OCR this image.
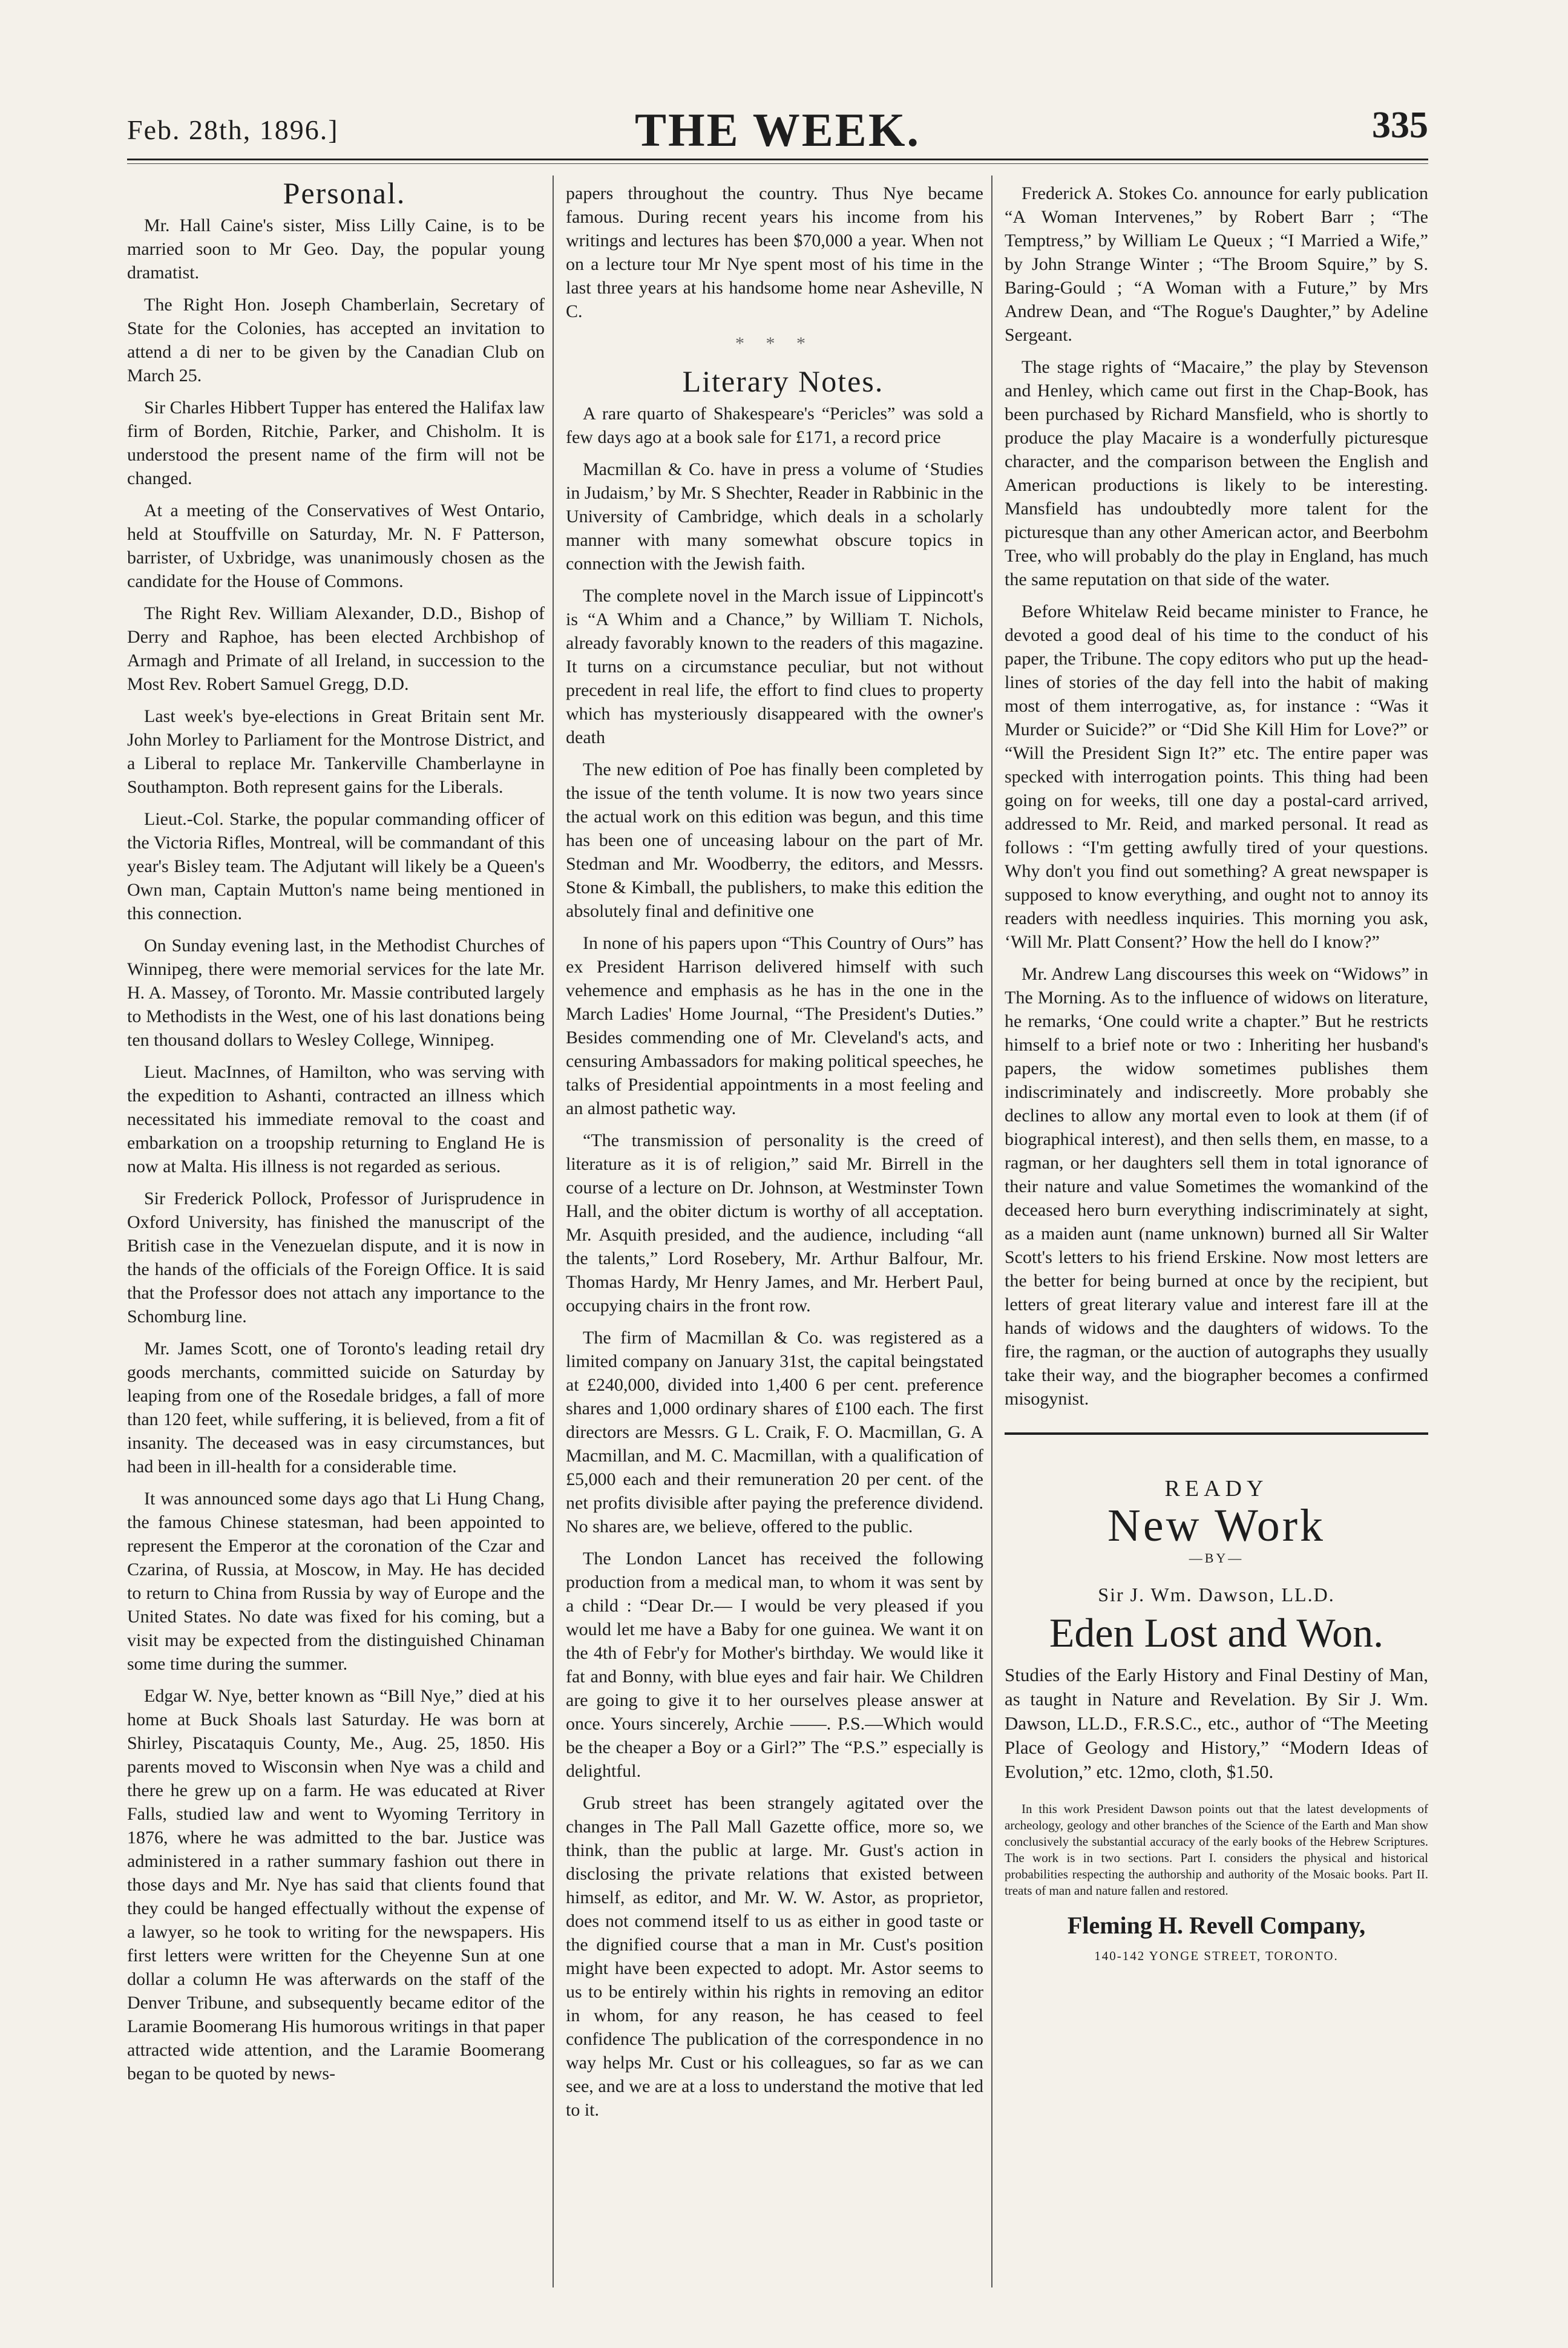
Feb. 28th, 1896.]	THE WEEK.	335

Personal.

Mr. Hall Caine's sister, Miss Lilly Caine, is to be married soon to Mr Geo. Day, the popular young dramatist.

The Right Hon. Joseph Chamberlain, Secretary of State for the Colonies, has accepted an invitation to attend a di ner to be given by the Canadian Club on March 25.

Sir Charles Hibbert Tupper has entered the Halifax law firm of Borden, Ritchie, Parker, and Chisholm. It is understood the present name of the firm will not be changed.

At a meeting of the Conservatives of West Ontario, held at Stouffville on Saturday, Mr. N. F Patterson, barrister, of Uxbridge, was unanimously chosen as the candidate for the House of Commons.

The Right Rev. William Alexander, D.D., Bishop of Derry and Raphoe, has been elected Archbishop of Armagh and Primate of all Ireland, in succession to the Most Rev. Robert Samuel Gregg, D.D.

Last week's bye-elections in Great Britain sent Mr. John Morley to Parliament for the Montrose District, and a Liberal to replace Mr. Tankerville Chamberlayne in Southampton. Both represent gains for the Liberals.

Lieut.-Col. Starke, the popular commanding officer of the Victoria Rifles, Montreal, will be commandant of this year's Bisley team. The Adjutant will likely be a Queen's Own man, Captain Mutton's name being mentioned in this connection.

On Sunday evening last, in the Methodist Churches of Winnipeg, there were memorial services for the late Mr. H. A. Massey, of Toronto. Mr. Massie contributed largely to Methodists in the West, one of his last donations being ten thousand dollars to Wesley College, Winnipeg.

Lieut. MacInnes, of Hamilton, who was serving with the expedition to Ashanti, contracted an illness which necessitated his immediate removal to the coast and embarkation on a troopship returning to England He is now at Malta. His illness is not regarded as serious.

Sir Frederick Pollock, Professor of Jurisprudence in Oxford University, has finished the manuscript of the British case in the Venezuelan dispute, and it is now in the hands of the officials of the Foreign Office. It is said that the Professor does not attach any importance to the Schomburg line.

Mr. James Scott, one of Toronto's leading retail dry goods merchants, committed suicide on Saturday by leaping from one of the Rosedale bridges, a fall of more than 120 feet, while suffering, it is believed, from a fit of insanity. The deceased was in easy circumstances, but had been in ill-health for a considerable time.

It was announced some days ago that Li Hung Chang, the famous Chinese statesman, had been appointed to represent the Emperor at the coronation of the Czar and Czarina, of Russia, at Moscow, in May. He has decided to return to China from Russia by way of Europe and the United States. No date was fixed for his coming, but a visit may be expected from the distinguished Chinaman some time during the summer.

Edgar W. Nye, better known as “Bill Nye,” died at his home at Buck Shoals last Saturday. He was born at Shirley, Piscataquis County, Me., Aug. 25, 1850. His parents moved to Wisconsin when Nye was a child and there he grew up on a farm. He was educated at River Falls, studied law and went to Wyoming Territory in 1876, where he was admitted to the bar. Justice was administered in a rather summary fashion out there in those days and Mr. Nye has said that clients found that they could be hanged effectually without the expense of a lawyer, so he took to writing for the newspapers. His first letters were written for the Cheyenne Sun at one dollar a column He was afterwards on the staff of the Denver Tribune, and subsequently became editor of the Laramie Boomerang His humorous writings in that paper attracted wide attention, and the Laramie Boomerang began to be quoted by news-

papers throughout the country. Thus Nye became famous. During recent years his income from his writings and lectures has been $70,000 a year. When not on a lecture tour Mr Nye spent most of his time in the last three years at his handsome home near Asheville, N C.

* * *

Literary Notes.

A rare quarto of Shakespeare's “Pericles” was sold a few days ago at a book sale for £171, a record price

Macmillan & Co. have in press a volume of ‘Studies in Judaism,’ by Mr. S Shechter, Reader in Rabbinic in the University of Cambridge, which deals in a scholarly manner with many somewhat obscure topics in connection with the Jewish faith.

The complete novel in the March issue of Lippincott's is “A Whim and a Chance,” by William T. Nichols, already favorably known to the readers of this magazine. It turns on a circumstance peculiar, but not without precedent in real life, the effort to find clues to property which has mysteriously disappeared with the owner's death

The new edition of Poe has finally been completed by the issue of the tenth volume. It is now two years since the actual work on this edition was begun, and this time has been one of unceasing labour on the part of Mr. Stedman and Mr. Woodberry, the editors, and Messrs. Stone & Kimball, the publishers, to make this edition the absolutely final and definitive one

In none of his papers upon “This Country of Ours” has ex President Harrison delivered himself with such vehemence and emphasis as he has in the one in the March Ladies' Home Journal, “The President's Duties.” Besides commending one of Mr. Cleveland's acts, and censuring Ambassadors for making political speeches, he talks of Presidential appointments in a most feeling and an almost pathetic way.

“The transmission of personality is the creed of literature as it is of religion,” said Mr. Birrell in the course of a lecture on Dr. Johnson, at Westminster Town Hall, and the obiter dictum is worthy of all acceptation. Mr. Asquith presided, and the audience, including “all the talents,” Lord Rosebery, Mr. Arthur Balfour, Mr. Thomas Hardy, Mr Henry James, and Mr. Herbert Paul, occupying chairs in the front row.

The firm of Macmillan & Co. was registered as a limited company on January 31st, the capital beingstated at £240,000, divided into 1,400 6 per cent. preference shares and 1,000 ordinary shares of £100 each. The first directors are Messrs. G L. Craik, F. O. Macmillan, G. A Macmillan, and M. C. Macmillan, with a qualification of £5,000 each and their remuneration 20 per cent. of the net profits divisible after paying the preference dividend. No shares are, we believe, offered to the public.

The London Lancet has received the following production from a medical man, to whom it was sent by a child : “Dear Dr.— I would be very pleased if you would let me have a Baby for one guinea. We want it on the 4th of Febr'y for Mother's birthday. We would like it fat and Bonny, with blue eyes and fair hair. We Children are going to give it to her ourselves please answer at once. Yours sincerely, Archie ——. P.S.—Which would be the cheaper a Boy or a Girl?” The “P.S.” especially is delightful.

Grub street has been strangely agitated over the changes in The Pall Mall Gazette office, more so, we think, than the public at large. Mr. Gust's action in disclosing the private relations that existed between himself, as editor, and Mr. W. W. Astor, as proprietor, does not commend itself to us as either in good taste or the dignified course that a man in Mr. Cust's position might have been expected to adopt. Mr. Astor seems to us to be entirely within his rights in removing an editor in whom, for any reason, he has ceased to feel confidence The publication of the correspondence in no way helps Mr. Cust or his colleagues, so far as we can see, and we are at a loss to understand the motive that led to it.

Frederick A. Stokes Co. announce for early publication “A Woman Intervenes,” by Robert Barr ; “The Temptress,” by William Le Queux ; “I Married a Wife,” by John Strange Winter ; “The Broom Squire,” by S. Baring-Gould ; “A Woman with a Future,” by Mrs Andrew Dean, and “The Rogue's Daughter,” by Adeline Sergeant.

The stage rights of “Macaire,” the play by Stevenson and Henley, which came out first in the Chap-Book, has been purchased by Richard Mansfield, who is shortly to produce the play Macaire is a wonderfully picturesque character, and the comparison between the English and American productions is likely to be interesting. Mansfield has undoubtedly more talent for the picturesque than any other American actor, and Beerbohm Tree, who will probably do the play in England, has much the same reputation on that side of the water.

Before Whitelaw Reid became minister to France, he devoted a good deal of his time to the conduct of his paper, the Tribune. The copy editors who put up the head-lines of stories of the day fell into the habit of making most of them interrogative, as, for instance : “Was it Murder or Suicide?” or “Did She Kill Him for Love?” or “Will the President Sign It?” etc. The entire paper was specked with interrogation points. This thing had been going on for weeks, till one day a postal-card arrived, addressed to Mr. Reid, and marked personal. It read as follows : “I'm getting awfully tired of your questions. Why don't you find out something? A great newspaper is supposed to know everything, and ought not to annoy its readers with needless inquiries. This morning you ask, ‘Will Mr. Platt Consent?’ How the hell do I know?”

Mr. Andrew Lang discourses this week on “Widows” in The Morning. As to the influence of widows on literature, he remarks, ‘One could write a chapter.” But he restricts himself to a brief note or two : Inheriting her husband's papers, the widow sometimes publishes them indiscriminately and indiscreetly. More probably she declines to allow any mortal even to look at them (if of biographical interest), and then sells them, en masse, to a ragman, or her daughters sell them in total ignorance of their nature and value Sometimes the womankind of the deceased hero burn everything indiscriminately at sight, as a maiden aunt (name unknown) burned all Sir Walter Scott's letters to his friend Erskine. Now most letters are the better for being burned at once by the recipient, but letters of great literary value and interest fare ill at the hands of widows and the daughters of widows. To the fire, the ragman, or the auction of autographs they usually take their way, and the biographer becomes a confirmed misogynist.

READY
New Work
—BY—
Sir J. Wm. Dawson, LL.D.
Eden Lost and Won.
Studies of the Early History and Final Destiny of Man, as taught in Nature and Revelation. By Sir J. Wm. Dawson, LL.D., F.R.S.C., etc., author of “The Meeting Place of Geology and History,” “Modern Ideas of Evolution,” etc. 12mo, cloth, $1.50.
In this work President Dawson points out that the latest developments of archeology, geology and other branches of the Science of the Earth and Man show conclusively the substantial accuracy of the early books of the Hebrew Scriptures. The work is in two sections. Part I. considers the physical and historical probabilities respecting the authorship and authority of the Mosaic books. Part II. treats of man and nature fallen and restored.
Fleming H. Revell Company,
140-142 YONGE STREET, TORONTO.
